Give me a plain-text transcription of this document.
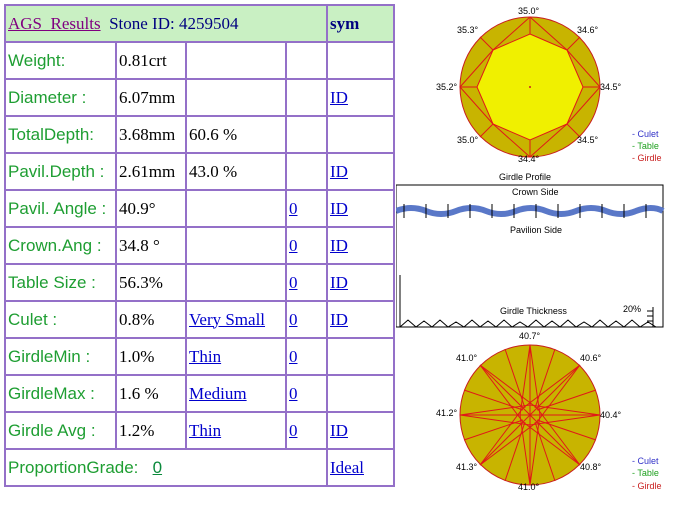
AGS_Results Stone ID: 4259504				sym
Weight:	0.81crt			
Diameter :	6.07mm			ID
TotalDepth:	3.68mm	60.6 %		
Pavil.Depth :	2.61mm	43.0 %		ID
Pavil. Angle :	40.9°		0	ID
Crown.Ang :	34.8 °		0	ID
Table Size :	56.3%		0	ID
Culet :	0.8%	Very Small	0	ID
GirdleMin :	1.0%	Thin	0	
GirdleMax :	1.6 %	Medium	0	
Girdle Avg :	1.2%	Thin	0	ID
ProportionGrade: 0				Ideal
35.0°
34.6°
34.5°
34.5°
34.4°
35.0°
35.2°
35.3°
- Culet
- Table
- Girdle
Girdle Profile
Crown Side
Pavilion Side
Girdle Thickness	20%
40.7°
40.6°
40.4°
40.8°
41.0°
41.3°
41.2°
41.0°
- Culet
- Table
- Girdle
